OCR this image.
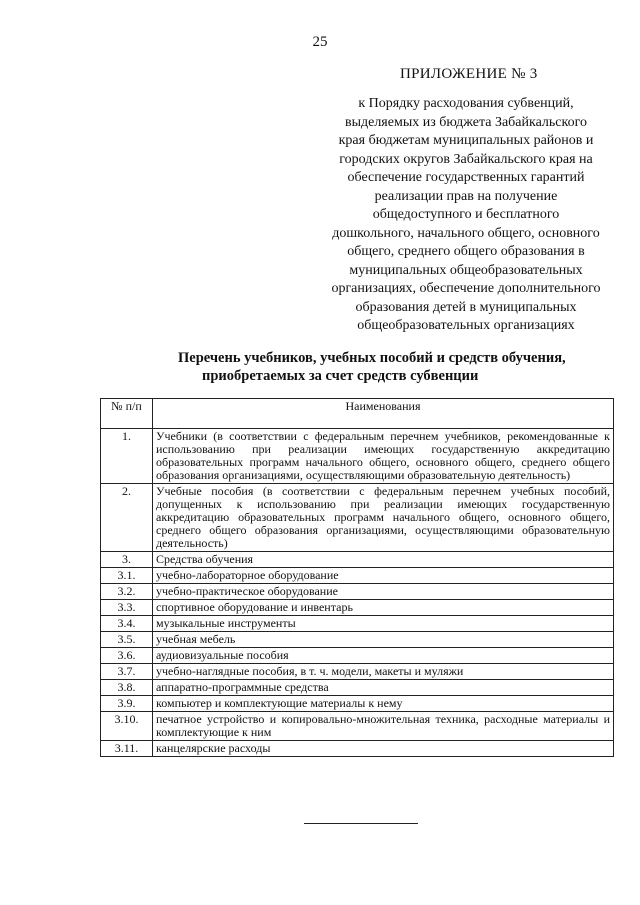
25
ПРИЛОЖЕНИЕ № 3
к Порядку расходования субвенций,
выделяемых из бюджета Забайкальского
края бюджетам муниципальных районов и
городских округов Забайкальского края на
обеспечение государственных гарантий
реализации прав на получение
общедоступного и бесплатного
дошкольного, начального общего, основного
общего, среднего общего образования в
муниципальных общеобразовательных
организациях, обеспечение дополнительного
образования детей в муниципальных
общеобразовательных организациях
Перечень учебников, учебных пособий и средств обучения,
приобретаемых за счет средств субвенции
№ п/п	Наименования
1.	Учебники (в соответствии с федеральным перечнем учебников, рекомендованные к использованию при реализации имеющих государственную аккредитацию образовательных программ начального общего, основного общего, среднего общего образования организациями, осуществляющими образовательную деятельность)
2.	Учебные пособия (в соответствии с федеральным перечнем учебных пособий, допущенных к использованию при реализации имеющих государственную аккредитацию образовательных программ начального общего, основного общего, среднего общего образования организациями, осуществляющими образовательную деятельность)
3.	Средства обучения
3.1.	учебно-лабораторное оборудование
3.2.	учебно-практическое оборудование
3.3.	спортивное оборудование и инвентарь
3.4.	музыкальные инструменты
3.5.	учебная мебель
3.6.	аудиовизуальные пособия
3.7.	учебно-наглядные пособия, в т. ч. модели, макеты и муляжи
3.8.	аппаратно-программные средства
3.9.	компьютер и комплектующие материалы к нему
3.10.	печатное устройство и копировально-множительная техника, расходные материалы и комплектующие к ним
3.11.	канцелярские расходы
